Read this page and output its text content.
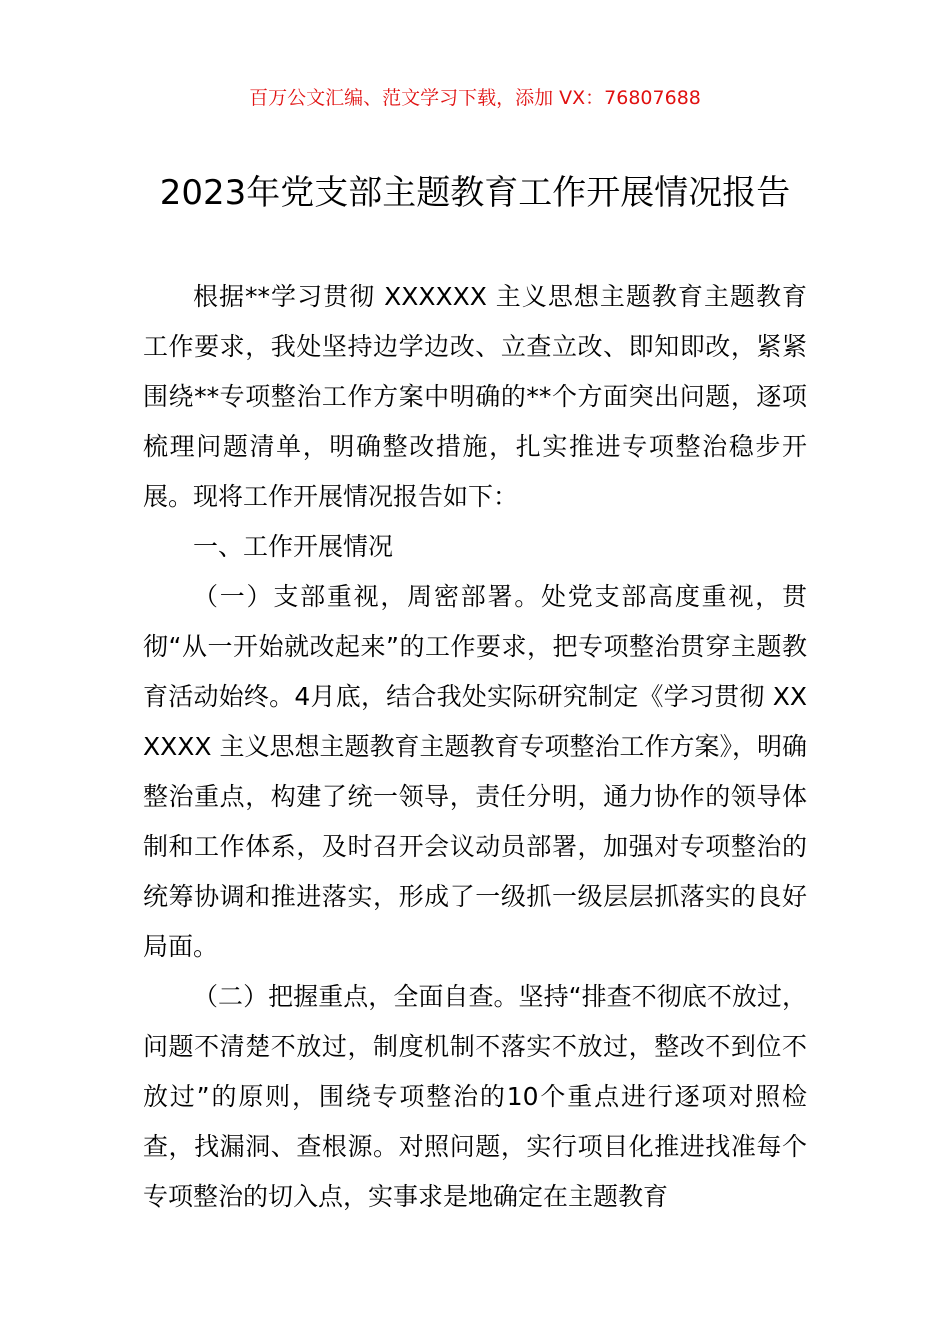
百万公文汇编、范文学习下载，添加 VX：76807688
2023年党支部主题教育工作开展情况报告

根据**学习贯彻 XXXXXX 主义思想主题教育主题教育工作要求，我处坚持边学边改、立查立改、即知即改，紧紧围绕**专项整治工作方案中明确的**个方面突出问题，逐项梳理问题清单，明确整改措施，扎实推进专项整治稳步开展。现将工作开展情况报告如下：

一、工作开展情况

（一）支部重视，周密部署。处党支部高度重视，贯彻“从一开始就改起来”的工作要求，把专项整治贯穿主题教育活动始终。4月底，结合我处实际研究制定《学习贯彻 XXXXXX 主义思想主题教育主题教育专项整治工作方案》，明确整治重点，构建了统一领导，责任分明，通力协作的领导体制和工作体系，及时召开会议动员部署，加强对专项整治的统筹协调和推进落实，形成了一级抓一级层层抓落实的良好局面。

（二）把握重点，全面自查。坚持“排查不彻底不放过，问题不清楚不放过，制度机制不落实不放过，整改不到位不放过”的原则，围绕专项整治的10个重点进行逐项对照检查，找漏洞、查根源。对照问题，实行项目化推进找准每个专项整治的切入点，实事求是地确定在主题教育
